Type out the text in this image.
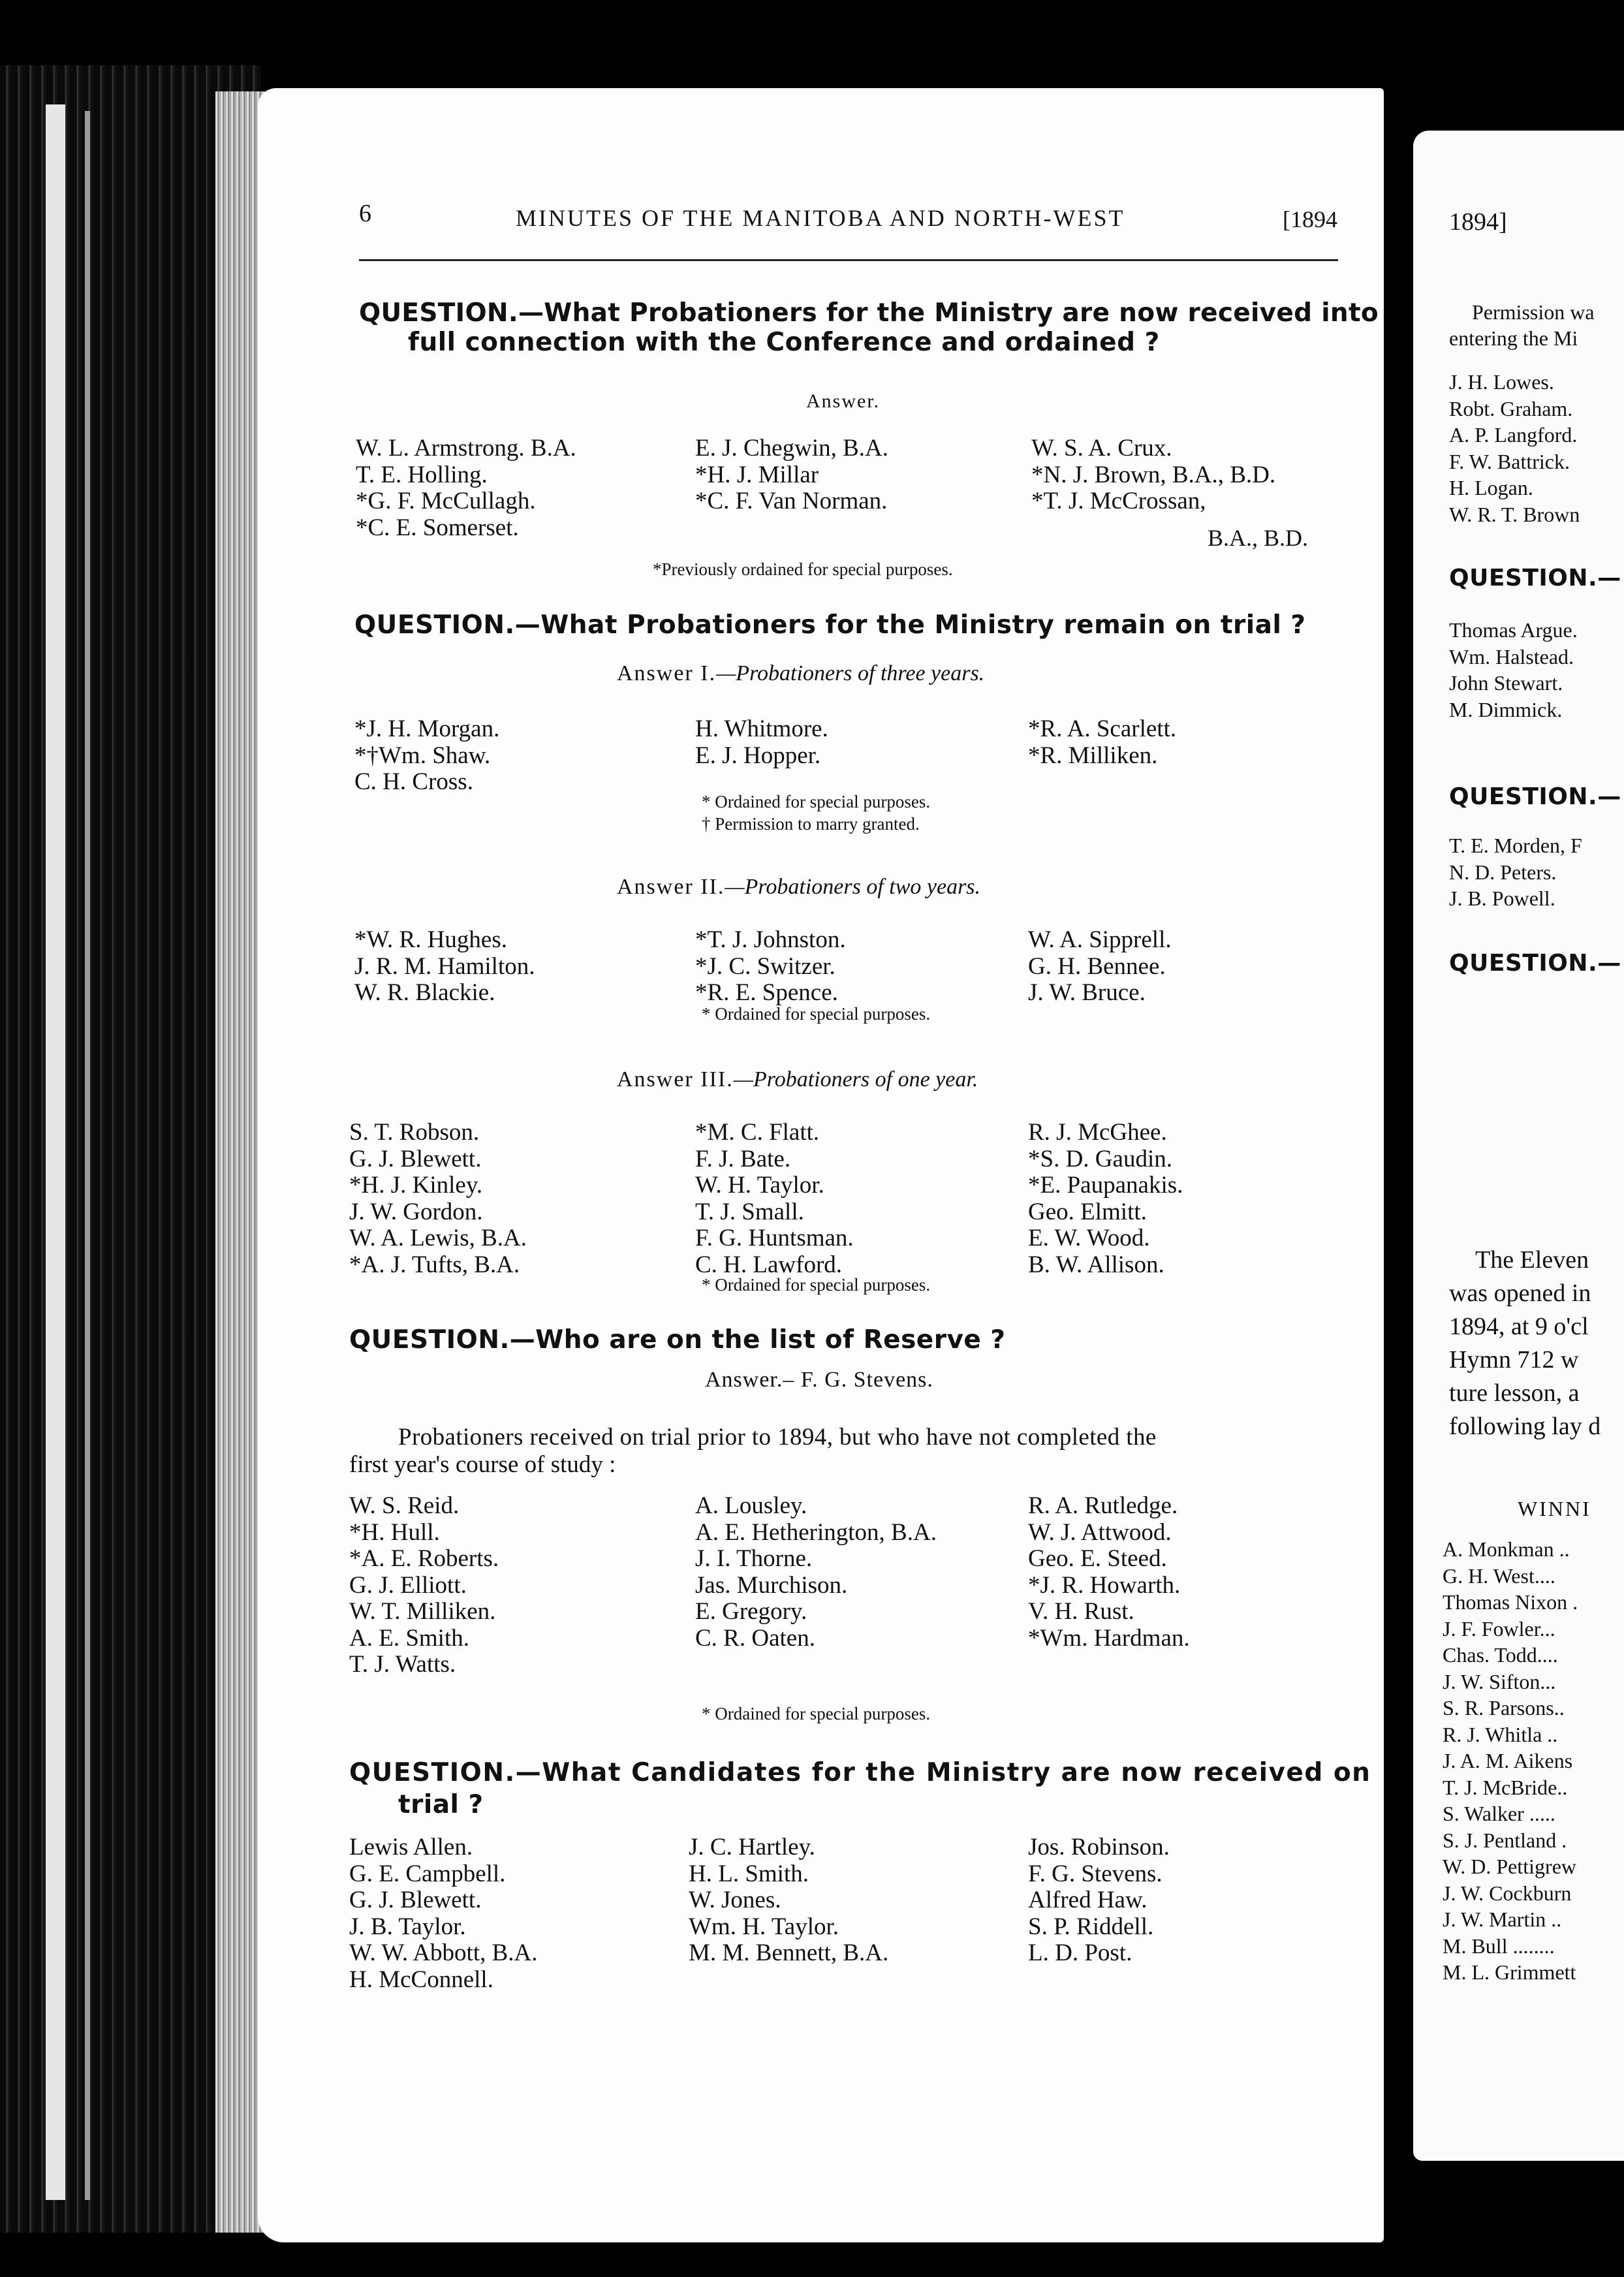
6	MINUTES OF THE MANITOBA AND NORTH-WEST	[1894
QUESTION.—What Probationers for the Ministry are now received into
full connection with the Conference and ordained ?
Answer.
W. L. Armstrong. B.A.
T. E. Holling.
*G. F. McCullagh.
*C. E. Somerset.
E. J. Chegwin, B.A.
*H. J. Millar
*C. F. Van Norman.
W. S. A. Crux.
*N. J. Brown, B.A., B.D.
*T. J. McCrossan,
B.A., B.D.
*Previously ordained for special purposes.
QUESTION.—What Probationers for the Ministry remain on trial ?
Answer I.—Probationers of three years.
*J. H. Morgan.
*†Wm. Shaw.
C. H. Cross.
H. Whitmore.
E. J. Hopper.
*R. A. Scarlett.
*R. Milliken.
* Ordained for special purposes.
† Permission to marry granted.
Answer II.—Probationers of two years.
*W. R. Hughes.
J. R. M. Hamilton.
W. R. Blackie.
*T. J. Johnston.
*J. C. Switzer.
*R. E. Spence.
W. A. Sipprell.
G. H. Bennee.
J. W. Bruce.
* Ordained for special purposes.
Answer III.—Probationers of one year.
S. T. Robson.
G. J. Blewett.
*H. J. Kinley.
J. W. Gordon.
W. A. Lewis, B.A.
*A. J. Tufts, B.A.
*M. C. Flatt.
F. J. Bate.
W. H. Taylor.
T. J. Small.
F. G. Huntsman.
C. H. Lawford.
R. J. McGhee.
*S. D. Gaudin.
*E. Paupanakis.
Geo. Elmitt.
E. W. Wood.
B. W. Allison.
* Ordained for special purposes.
QUESTION.—Who are on the list of Reserve ?
Answer.– F. G. Stevens.
Probationers received on trial prior to 1894, but who have not completed the
first year's course of study :
W. S. Reid.
*H. Hull.
*A. E. Roberts.
G. J. Elliott.
W. T. Milliken.
A. E. Smith.
T. J. Watts.
A. Lousley.
A. E. Hetherington, B.A.
J. I. Thorne.
Jas. Murchison.
E. Gregory.
C. R. Oaten.
R. A. Rutledge.
W. J. Attwood.
Geo. E. Steed.
*J. R. Howarth.
V. H. Rust.
*Wm. Hardman.
* Ordained for special purposes.
QUESTION.—What Candidates for the Ministry are now received on
trial ?
Lewis Allen.
G. E. Campbell.
G. J. Blewett.
J. B. Taylor.
W. W. Abbott, B.A.
H. McConnell.
J. C. Hartley.
H. L. Smith.
W. Jones.
Wm. H. Taylor.
M. M. Bennett, B.A.
Jos. Robinson.
F. G. Stevens.
Alfred Haw.
S. P. Riddell.
L. D. Post.
1894]
Permission wa
entering the Mi
J. H. Lowes.
Robt. Graham.
A. P. Langford.
F. W. Battrick.
H. Logan.
W. R. T. Brown
QUESTION.—
Thomas Argue.
Wm. Halstead.
John Stewart.
M. Dimmick.
QUESTION.—
T. E. Morden, F
N. D. Peters.
J. B. Powell.
QUESTION.—
The Eleven
was opened in
1894, at 9 o'cl
Hymn 712 w
ture lesson, a
following lay d
WINNI
A. Monkman ..
G. H. West....
Thomas Nixon .
J. F. Fowler...
Chas. Todd....
J. W. Sifton...
S. R. Parsons..
R. J. Whitla ..
J. A. M. Aikens
T. J. McBride..
S. Walker .....
S. J. Pentland .
W. D. Pettigrew
J. W. Cockburn
J. W. Martin ..
M. Bull ........
M. L. Grimmett
